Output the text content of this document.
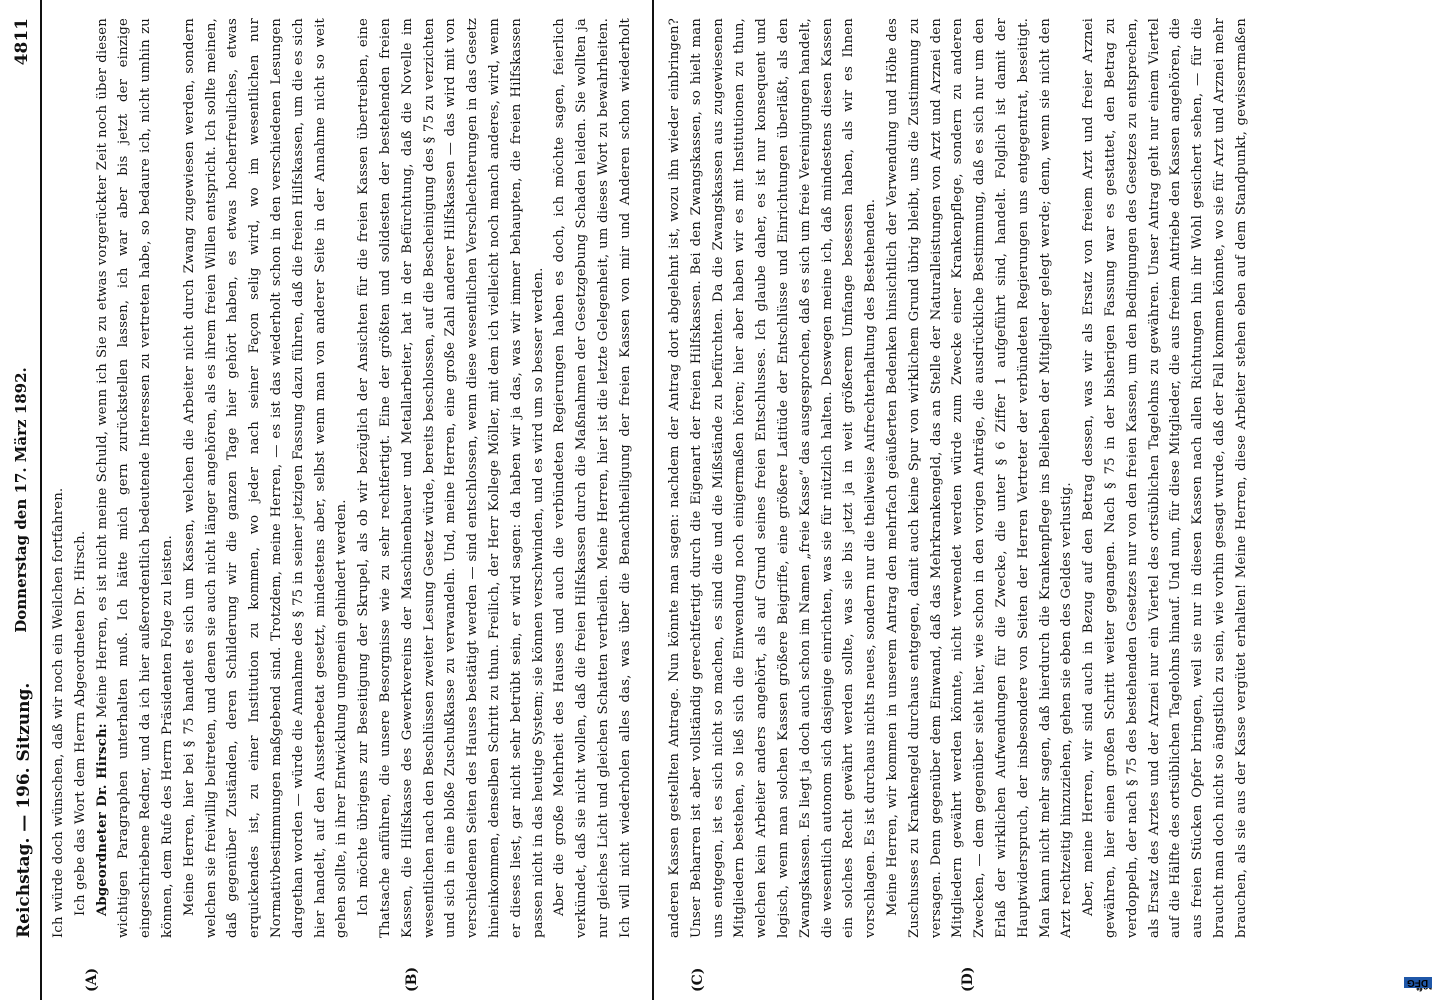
Reichstag. — 196. Sitzung.
Donnerstag den 17. März 1892.
4811
(A)	(B)

Ich würde doch wünschen, daß wir noch ein Weilchen fortfahren. Ich gebe das Wort dem Herrn Abgeordneten Dr. Hirsch. Abgeordneter Dr. Hirsch: Meine Herren, es ist nicht meine Schuld, wenn ich Sie zu etwas vorgerückter Zeit noch über diesen wichtigen Paragraphen unterhalten muß. Ich hätte mich gern zurückstellen lassen, ich war aber bis jetzt der einzige eingeschriebene Redner, und da ich hier außerordentlich bedeutende Interessen zu vertreten habe, so bedaure ich, nicht umhin zu können, dem Rufe des Herrn Präsidenten Folge zu leisten. Meine Herren, hier bei § 75 handelt es sich um Kassen, welchen die Arbeiter nicht durch Zwang zugewiesen werden, sondern welchen sie freiwillig beitreten, und denen sie auch nicht länger angehören, als es ihrem freien Willen entspricht. Ich sollte meinen, daß gegenüber Zuständen, deren Schilderung wir die ganzen Tage hier gehört haben, es etwas hocherfreuliches, etwas erquickendes ist, zu einer Institution zu kommen, wo jeder nach seiner Façon selig wird, wo im wesentlichen nur Normativbestimmungen maßgebend sind. Trotzdem, meine Herren, — es ist das wiederholt schon in den verschiedenen Lesungen dargethan worden — würde die Annahme des § 75 in seiner jetzigen Fassung dazu führen, daß die freien Hilfskassen, um die es sich hier handelt, auf den Aussterbeetat gesetzt, mindestens aber, selbst wenn man von anderer Seite in der Annahme nicht so weit gehen sollte, in ihrer Entwicklung ungemein gehindert werden. Ich möchte übrigens zur Beseitigung der Skrupel, als ob wir bezüglich der Ansichten für die freien Kassen übertreiben, eine Thatsache anführen, die unsere Besorgnisse wie zu sehr rechtfertigt. Eine der größten und solidesten der bestehenden freien Kassen, die Hilfskasse des Gewerkvereins der Maschinenbauer und Metallarbeiter, hat in der Befürchtung, daß die Novelle im wesentlichen nach den Beschlüssen zweiter Lesung Gesetz würde, bereits beschlossen, auf die Bescheinigung des § 75 zu verzichten und sich in eine bloße Zuschußkasse zu verwandeln. Und, meine Herren, eine große Zahl anderer Hilfskassen — das wird mit von verschiedenen Seiten des Hauses bestätigt werden — sind entschlossen, wenn diese wesentlichen Verschlechterungen in das Gesetz hineinkommen, denselben Schritt zu thun. Freilich, der Herr Kollege Möller, mit dem ich vielleicht noch manch anderes, wird, wenn er dieses liest, gar nicht sehr betrübt sein, er wird sagen: da haben wir ja das, was wir immer behaupten, die freien Hilfskassen passen nicht in das heutige System; sie können verschwinden, und es wird um so besser werden. Aber die große Mehrheit des Hauses und auch die verbündeten Regierungen haben es doch, ich möchte sagen, feierlich verkündet, daß sie nicht wollen, daß die freien Hilfskassen durch die Maßnahmen der Gesetzgebung Schaden leiden. Sie wollten ja nur gleiches Licht und gleichen Schatten vertheilen. Meine Herren, hier ist die letzte Gelegenheit, um dieses Wort zu bewahrheiten. Ich will nicht wiederholen alles das, was über die Benachtheiligung der freien Kassen von mir und Anderen schon wiederholt

(C)	(D)

anderen Kassen gestellten Antrage. Nun könnte man sagen: nachdem der Antrag dort abgelehnt ist, wozu ihn wieder einbringen? Unser Beharren ist aber vollständig gerechtfertigt durch die Eigenart der freien Hilfskassen. Bei den Zwangskassen, so hielt man uns entgegen, ist es sich nicht so machen, es sind die und die Mißstände zu befürchten. Da die Zwangskassen aus zugewiesenen Mitgliedern bestehen, so ließ sich die Einwendung noch einigermaßen hören; hier aber haben wir es mit Institutionen zu thun, welchen kein Arbeiter anders angehört, als auf Grund seines freien Entschlusses. Ich glaube daher, es ist nur konsequent und logisch, wenn man solchen Kassen größere Beigriffe, eine größere Latitüde der Entschlüsse und Einrichtungen überläßt, als den Zwangskassen. Es liegt ja doch auch schon im Namen „freie Kasse“ das ausgesprochen, daß es sich um freie Vereinigungen handelt, die wesentlich autonom sich dasjenige einrichten, was sie für nützlich halten. Deswegen meine ich, daß mindestens diesen Kassen ein solches Recht gewährt werden sollte, was sie bis jetzt ja in weit größerem Umfange besessen haben, als wir es Ihnen vorschlagen. Es ist durchaus nichts neues, sondern nur die theilweise Aufrechterhaltung des Bestehenden. Meine Herren, wir kommen in unserem Antrag den mehrfach geäußerten Bedenken hinsichtlich der Verwendung und Höhe des Zuschusses zu Krankengeld durchaus entgegen, damit auch keine Spur von wirklichem Grund übrig bleibt, uns die Zustimmung zu versagen. Denn gegenüber dem Einwand, daß das Mehrkrankengeld, das an Stelle der Naturalleistungen von Arzt und Arznei den Mitgliedern gewährt werden könnte, nicht verwendet werden würde zum Zwecke einer Krankenpflege, sondern zu anderen Zwecken, — dem gegenüber sieht hier, wie schon in den vorigen Anträge, die ausdrückliche Bestimmung, daß es sich nur um den Erlaß der wirklichen Aufwendungen für die Zwecke, die unter § 6 Ziffer 1 aufgeführt sind, handelt. Folglich ist damit der Hauptwiderspruch, der insbesondere von Seiten der Herren Vertreter der verbündeten Regierungen uns entgegentrat, beseitigt. Man kann nicht mehr sagen, daß hierdurch die Krankenpflege ins Belieben der Mitglieder gelegt werde; denn, wenn sie nicht den Arzt rechtzeitig hinzuziehen, gehen sie eben des Geldes verlustig. Aber, meine Herren, wir sind auch in Bezug auf den Betrag dessen, was wir als Ersatz von freiem Arzt und freier Arznei gewähren, hier einen großen Schritt weiter gegangen. Nach § 75 in der bisherigen Fassung war es gestattet, den Betrag zu verdoppeln, der nach § 75 des bestehenden Gesetzes nur von den freien Kassen, um den Bedingungen des Gesetzes zu entsprechen, als Ersatz des Arztes und der Arznei nur ein Viertel des ortsüblichen Tagelohns zu gewähren. Unser Antrag geht nur einem Viertel auf die Hälfte des ortsüblichen Tagelohns hinauf. Und nun, für diese Mitglieder, die aus freiem Antriebe den Kassen angehören, die aus freien Stücken Opfer bringen, weil sie nur in diesen Kassen nach allen Richtungen hin ihr Wohl gesichert sehen, — für die braucht man doch nicht so ängstlich zu sein, wie vorhin gesagt wurde, daß der Fall kommen könnte, wo sie für Arzt und Arznei mehr brauchen, als sie aus der Kasse vergütet erhalten! Meine Herren, diese Arbeiter stehen eben auf dem Standpunkt, gewissermaßen

DFG
